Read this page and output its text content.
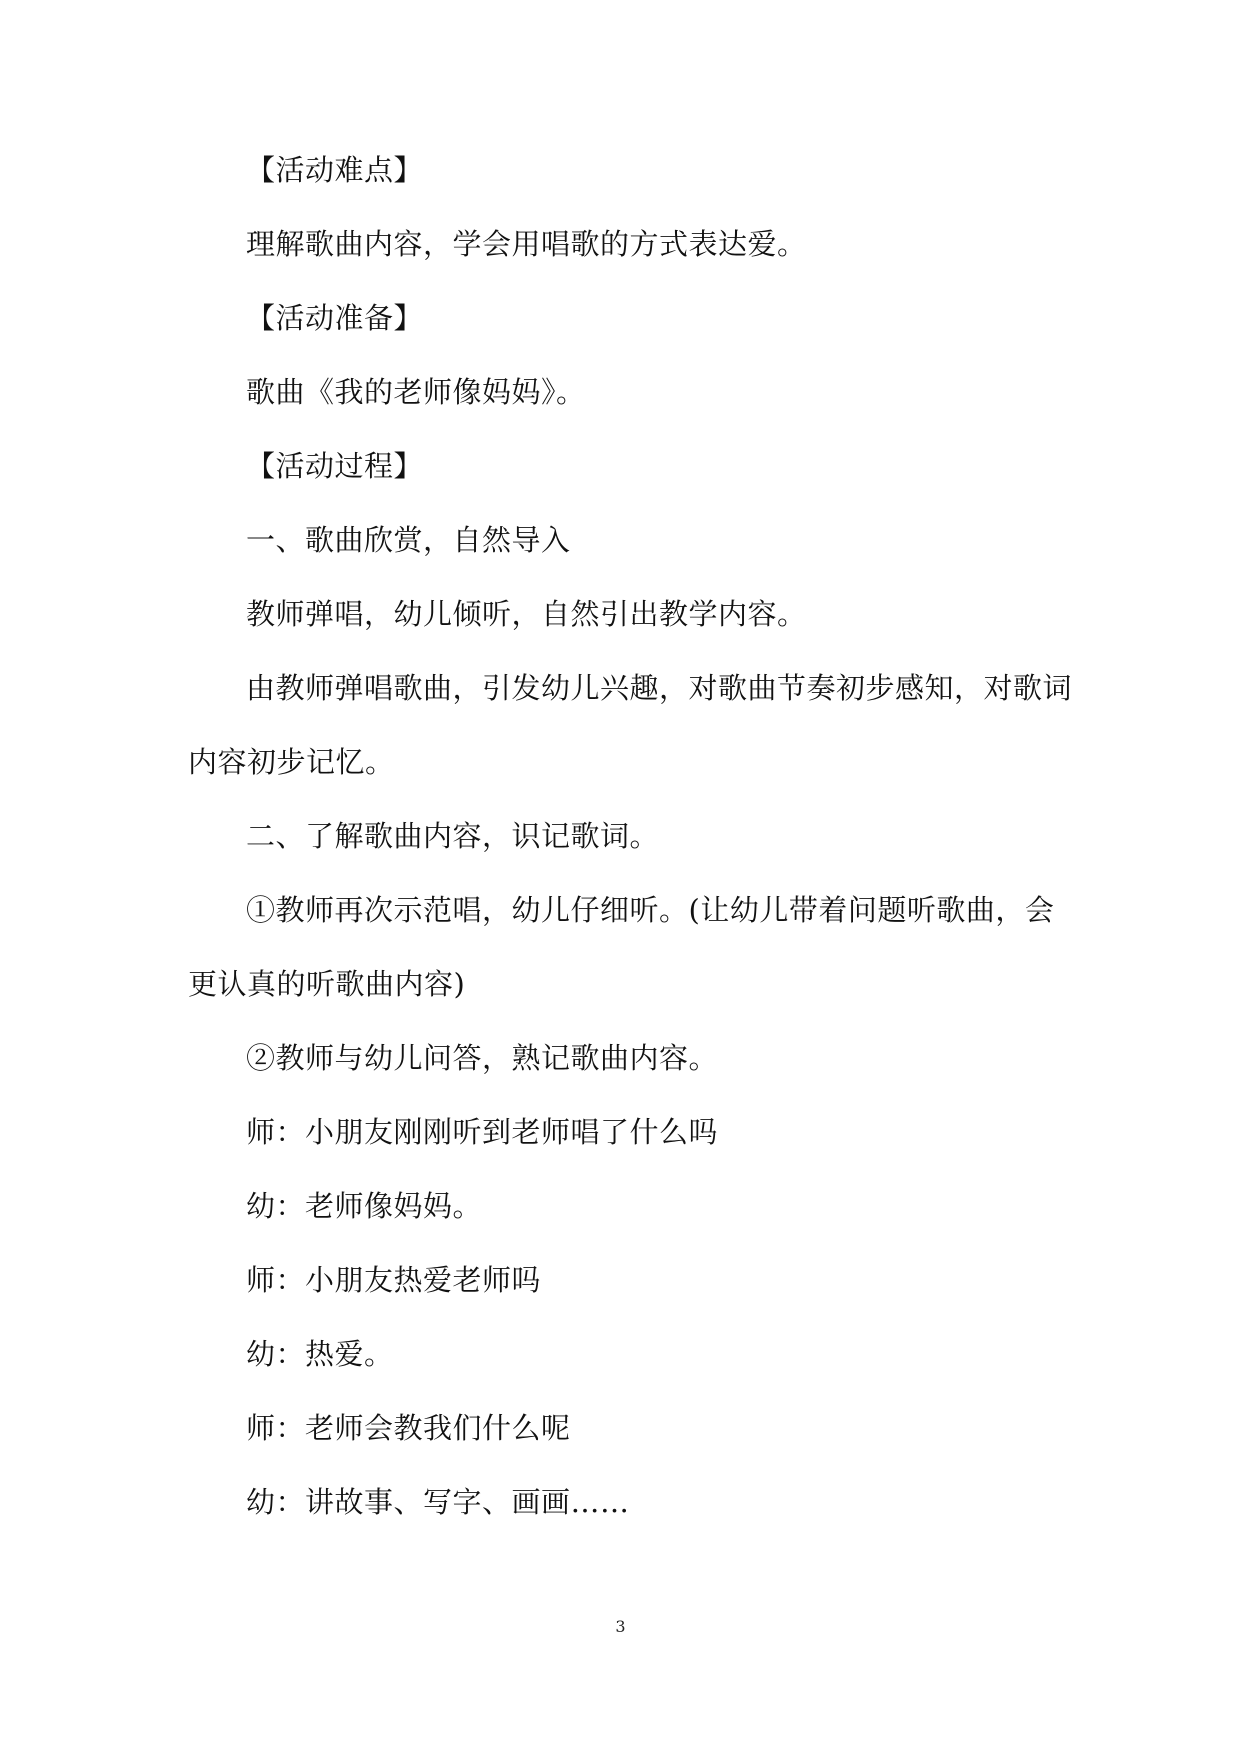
【活动难点】
理解歌曲内容，学会用唱歌的方式表达爱。
【活动准备】
歌曲《我的老师像妈妈》。
【活动过程】
一、歌曲欣赏，自然导入
教师弹唱，幼儿倾听，自然引出教学内容。
由教师弹唱歌曲，引发幼儿兴趣，对歌曲节奏初步感知，对歌词
内容初步记忆。
二、了解歌曲内容，识记歌词。
①教师再次示范唱，幼儿仔细听。(让幼儿带着问题听歌曲，会
更认真的听歌曲内容)
②教师与幼儿问答，熟记歌曲内容。
师：小朋友刚刚听到老师唱了什么吗
幼：老师像妈妈。
师：小朋友热爱老师吗
幼：热爱。
师：老师会教我们什么呢
幼：讲故事、写字、画画……
3
